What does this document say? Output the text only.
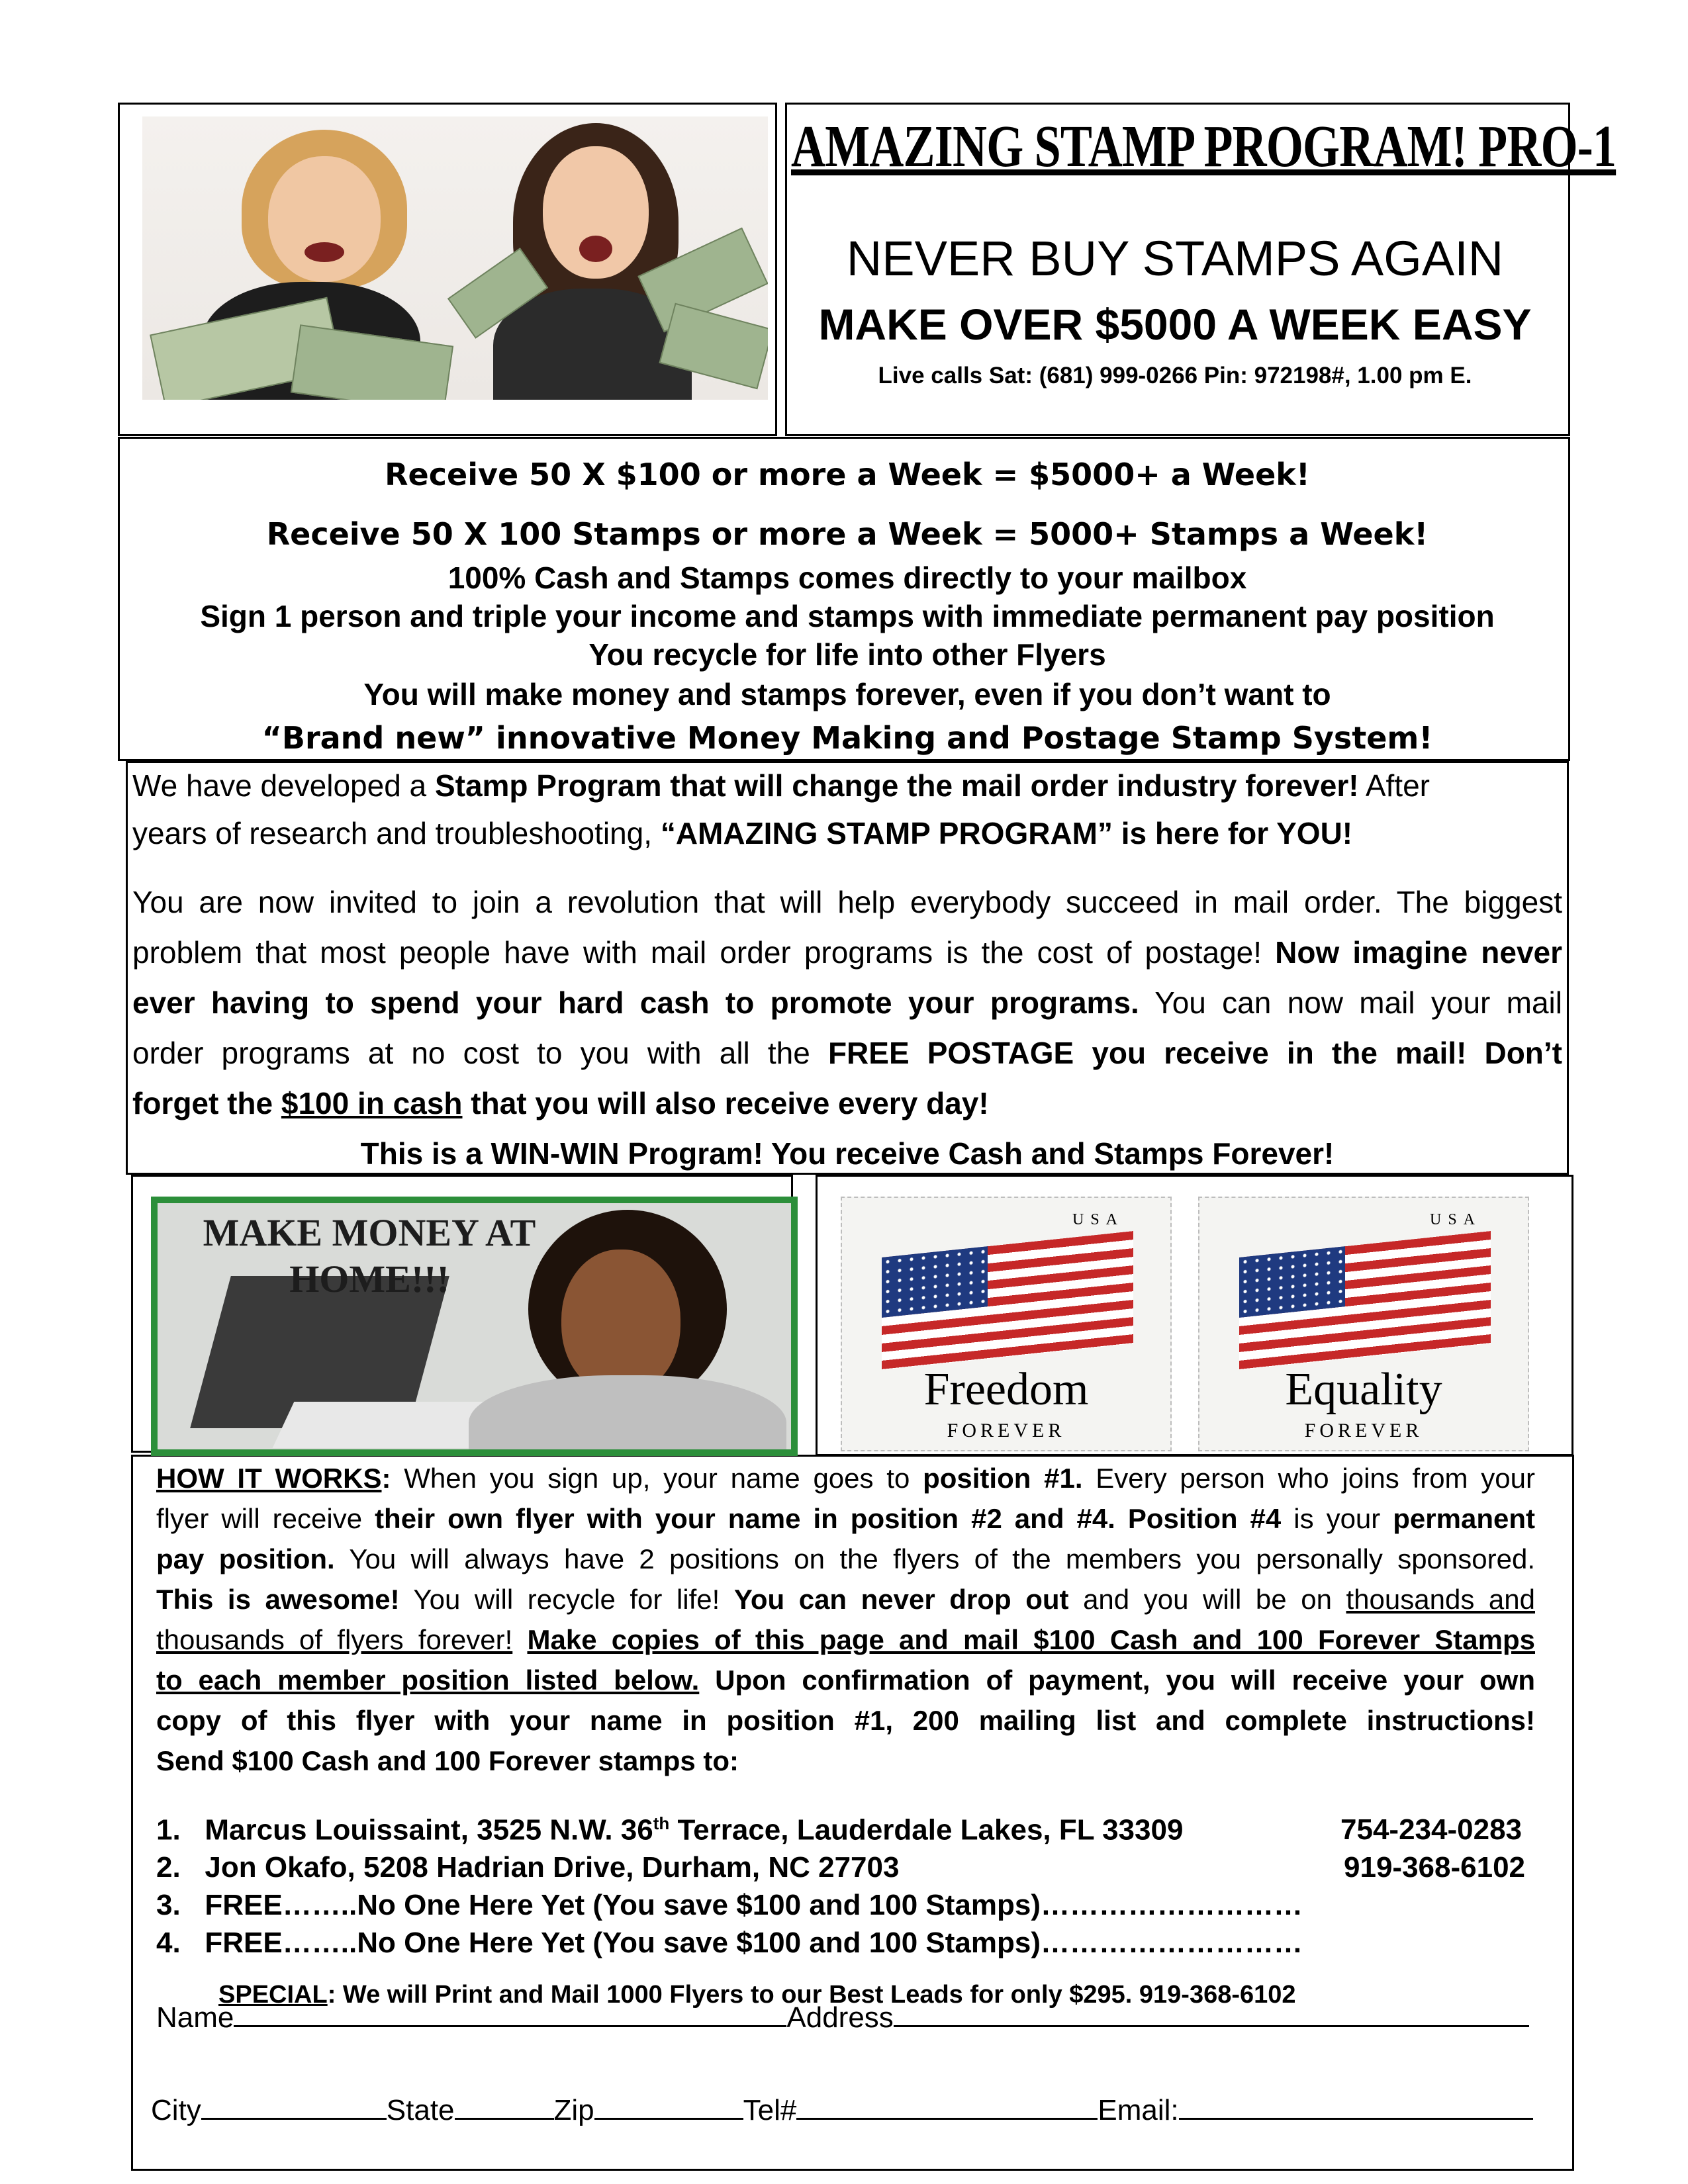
AMAZING STAMP PROGRAM! PRO-1
NEVER BUY STAMPS AGAIN
MAKE OVER $5000 A WEEK EASY
Live calls Sat: (681) 999-0266 Pin: 972198#, 1.00 pm E.
Receive 50 X $100 or more a Week = $5000+ a Week!
Receive 50 X 100 Stamps or more a Week = 5000+ Stamps a Week!
100% Cash and Stamps comes directly to your mailbox
Sign 1 person and triple your income and stamps with immediate permanent pay position
You recycle for life into other Flyers
You will make money and stamps forever, even if you don’t want to
“Brand new” innovative Money Making and Postage Stamp System!
We have developed a Stamp Program that will change the mail order industry forever! After
years of research and troubleshooting, “AMAZING STAMP PROGRAM” is here for YOU!
You are now invited to join a revolution that will help everybody succeed in mail order. The biggest
problem that most people have with mail order programs is the cost of postage! Now imagine never
ever having to spend your hard cash to promote your programs. You can now mail your mail
order programs at no cost to you with all the FREE POSTAGE you receive in the mail! Don’t
forget the $100 in cash that you will also receive every day!
This is a WIN-WIN Program! You receive Cash and Stamps Forever!
MAKE MONEY AT HOME!!!
USA
Freedom
FOREVER
USA
Equality
FOREVER
HOW IT WORKS: When you sign up, your name goes to position #1. Every person who joins from your
flyer will receive their own flyer with your name in position #2 and #4. Position #4 is your permanent
pay position. You will always have 2 positions on the flyers of the members you personally sponsored.
This is awesome! You will recycle for life! You can never drop out and you will be on thousands and
thousands of flyers forever! Make copies of this page and mail $100 Cash and 100 Forever Stamps
to each member position listed below. Upon confirmation of payment, you will receive your own
copy of this flyer with your name in position #1, 200 mailing list and complete instructions!
Send $100 Cash and 100 Forever stamps to:
1. Marcus Louissaint, 3525 N.W. 36th Terrace, Lauderdale Lakes, FL 33309	754-234-0283
2. Jon Okafo, 5208 Hadrian Drive, Durham, NC 27703	919-368-6102
3. FREE……..No One Here Yet (You save $100 and 100 Stamps)………………………
4. FREE……..No One Here Yet (You save $100 and 100 Stamps)………………………
SPECIAL: We will Print and Mail 1000 Flyers to our Best Leads for only $295. 919-368-6102
Name	Address
City	State	Zip	Tel#	Email:
